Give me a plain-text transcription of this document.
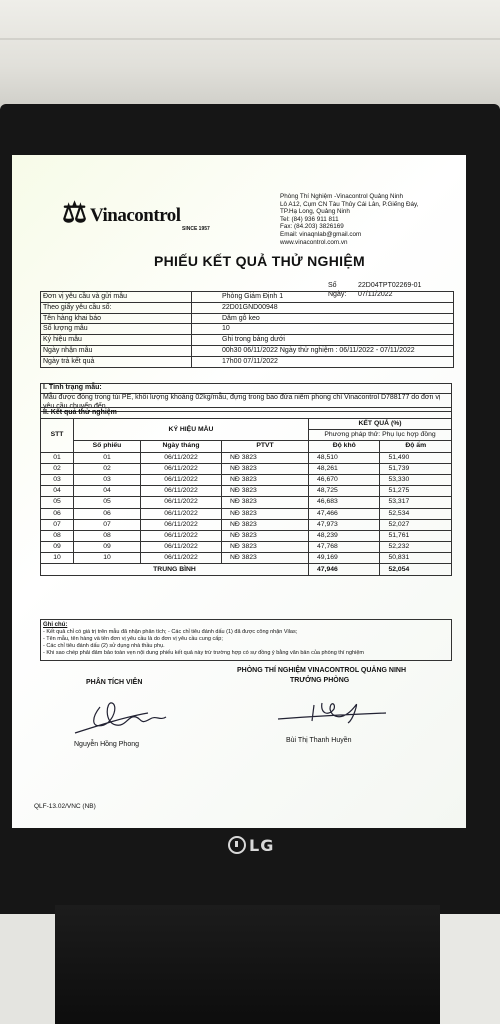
LG
⚖ Vinacontrol
SINCE 1957
Phòng Thí Nghiệm -Vinacontrol Quảng Ninh
Lô A12, Cụm CN Tàu Thủy Cái Lân, P.Giếng Đáy,
TP.Hạ Long, Quảng Ninh
Tel: (84) 936 911 811
Fax: (84.203) 3826169
Email: vinaqnlab@gmail.com
www.vinacontrol.com.vn
PHIẾU KẾT QUẢ THỬ NGHIỆM
Số	22D04TPT02269-01
Ngày: 07/11/2022
Đơn vị yêu cầu và gửi mẫu	Phòng Giám Định 1
Theo giấy yêu cầu số:	22D01GND00948
Tên hàng khai báo	Dăm gỗ keo
Số lượng mẫu	10
Ký hiệu mẫu	Ghi trong bảng dưới
Ngày nhận mẫu	00h30 06/11/2022 Ngày thử nghiệm : 06/11/2022 - 07/11/2022
Ngày trả kết quả	17h00 07/11/2022
I. Tình trạng mẫu:
Mẫu được đóng trong túi PE, khối lượng khoảng 02kg/mẫu, đựng trong bao đứa niêm phong chì Vinacontrol D788177 do đơn vị yêu cầu chuyển đến.
II. Kết quả thử nghiệm
STT	KÝ HIỆU MẪU			KẾT QUẢ (%)	
				Phương pháp thử: Phụ lục hợp đồng	
	Số phiếu	Ngày tháng	PTVT	Độ khô	Độ ẩm
01	01	06/11/2022	NĐ 3823	48,510	51,490
02	02	06/11/2022	NĐ 3823	48,261	51,739
03	03	06/11/2022	NĐ 3823	46,670	53,330
04	04	06/11/2022	NĐ 3823	48,725	51,275
05	05	06/11/2022	NĐ 3823	46,683	53,317
06	06	06/11/2022	NĐ 3823	47,466	52,534
07	07	06/11/2022	NĐ 3823	47,973	52,027
08	08	06/11/2022	NĐ 3823	48,239	51,761
09	09	06/11/2022	NĐ 3823	47,768	52,232
10	10	06/11/2022	NĐ 3823	49,169	50,831
TRUNG BÌNH				47,946	52,054
Ghi chú:
- Kết quả chỉ có giá trị trên mẫu đã nhận phân tích; - Các chỉ tiêu đánh dấu (1) đã được công nhận Vilas;
- Tên mẫu, tên hàng và tên đơn vị yêu cầu là do đơn vị yêu cầu cung cấp;
- Các chỉ tiêu đánh dấu (2) sử dụng nhà thầu phụ.
- Khi sao chép phải đảm bảo toàn vẹn nội dung phiếu kết quả này trừ trường hợp có sự đồng ý bằng văn bản của phòng thí nghiệm
PHÒNG THÍ NGHIỆM VINACONTROL QUẢNG NINH
TRƯỞNG PHÒNG
PHÂN TÍCH VIÊN
Nguyễn Hồng Phong
Bùi Thị Thanh Huyền
QLF-13.02/VNC (NB)
